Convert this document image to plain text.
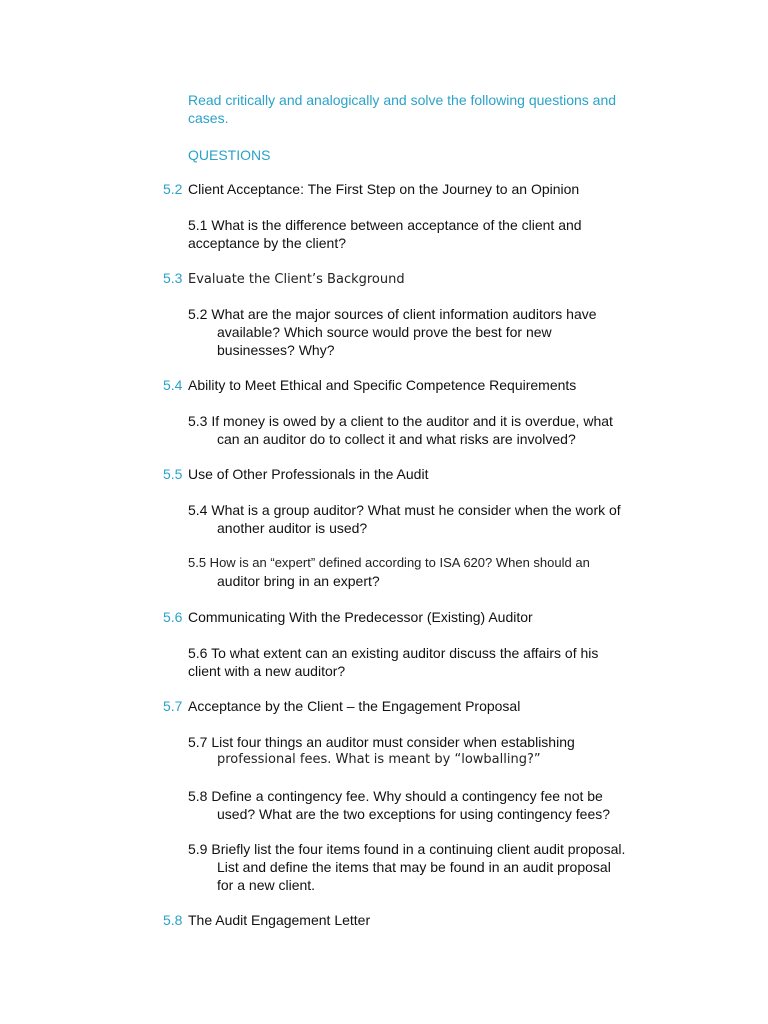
Read critically and analogically and solve the following questions and
cases.
QUESTIONS
5.2 Client Acceptance: The First Step on the Journey to an Opinion
5.1 What is the difference between acceptance of the client and
acceptance by the client?
5.3 Evaluate the Client’s Background
5.2 What are the major sources of client information auditors have
available? Which source would prove the best for new
businesses? Why?
5.4 Ability to Meet Ethical and Specific Competence Requirements
5.3 If money is owed by a client to the auditor and it is overdue, what
can an auditor do to collect it and what risks are involved?
5.5 Use of Other Professionals in the Audit
5.4 What is a group auditor? What must he consider when the work of
another auditor is used?
5.5 How is an “expert” defined according to ISA 620? When should an
auditor bring in an expert?
5.6 Communicating With the Predecessor (Existing) Auditor
5.6 To what extent can an existing auditor discuss the affairs of his
client with a new auditor?
5.7 Acceptance by the Client – the Engagement Proposal
5.7 List four things an auditor must consider when establishing
professional fees. What is meant by “lowballing?”
5.8 Define a contingency fee. Why should a contingency fee not be
used? What are the two exceptions for using contingency fees?
5.9 Briefly list the four items found in a continuing client audit proposal.
List and define the items that may be found in an audit proposal
for a new client.
5.8 The Audit Engagement Letter
